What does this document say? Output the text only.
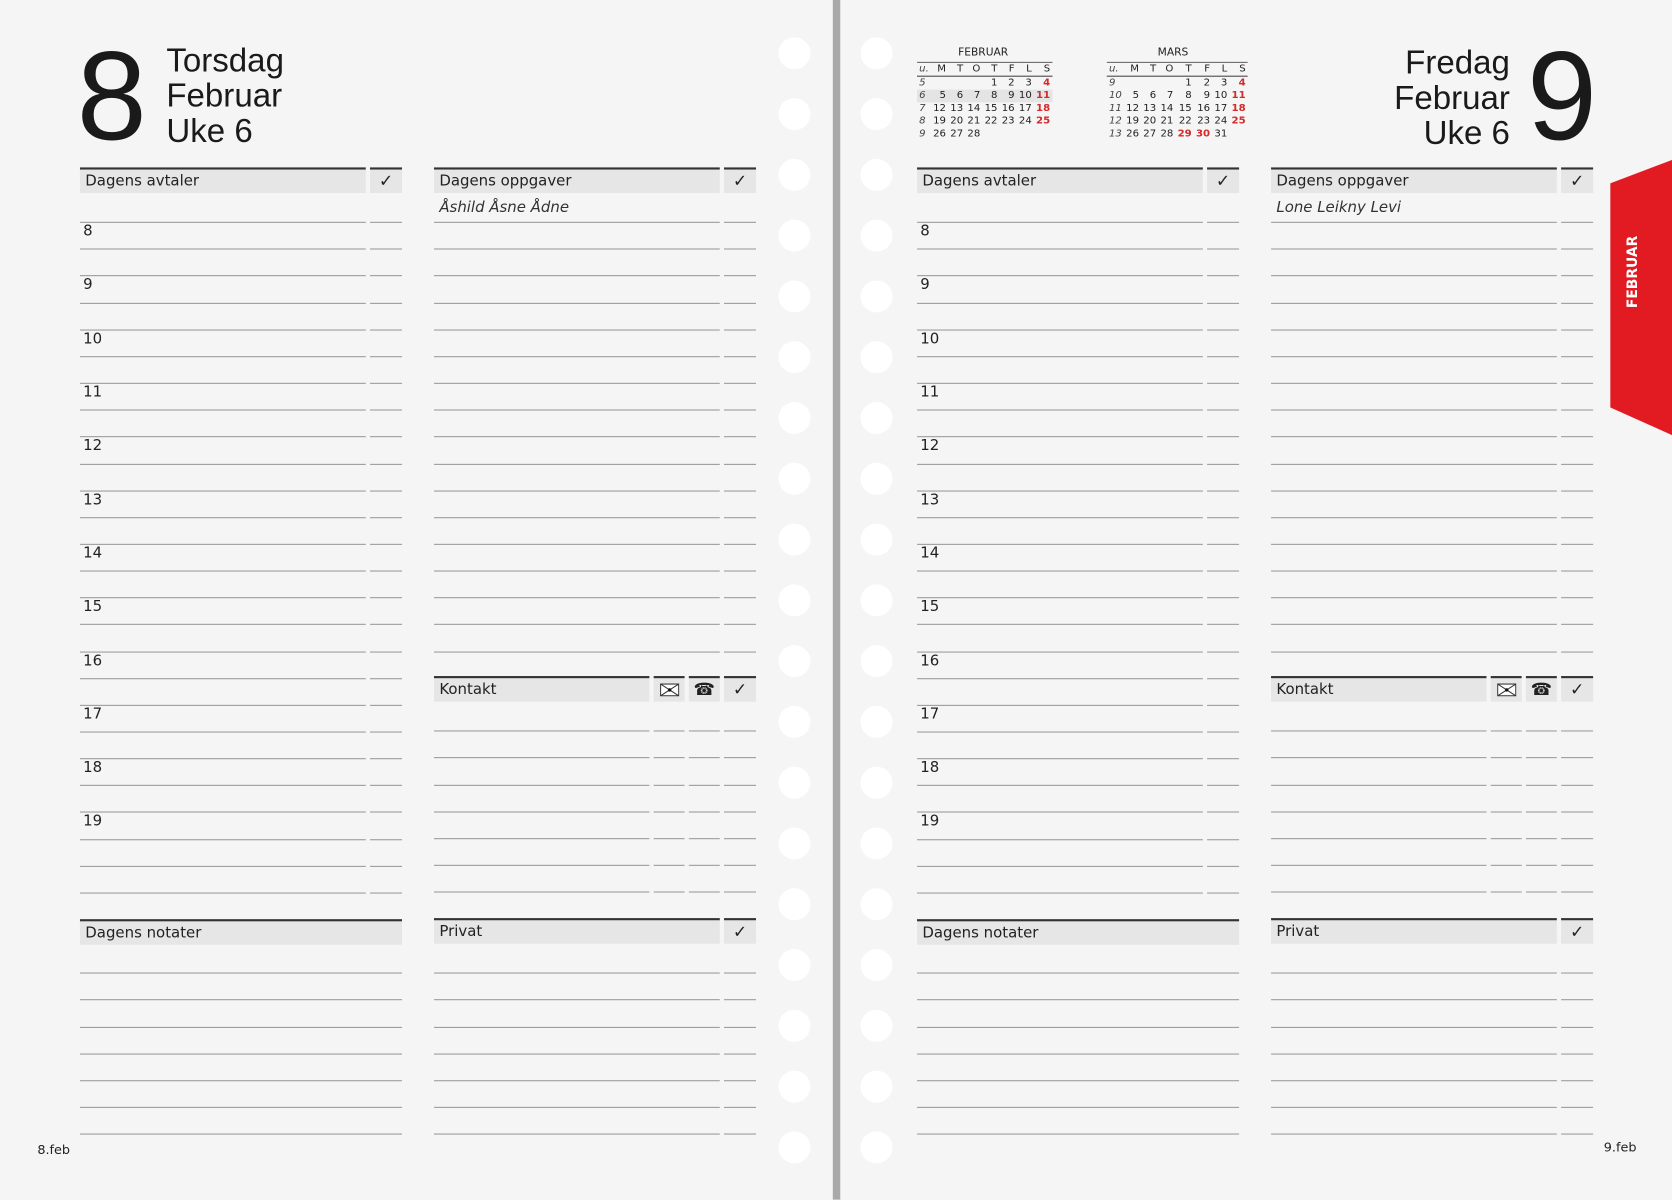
FEBRUAR
8 Torsdag
Februar
Uke 6
8.feb
Dagens avtaler	✓
8
9
10
11
12
13
14
15
16
17
18
19
Dagens oppgaver	✓
Åshild Åsne Ådne
Kontakt	☎	✓
Dagens notater	Privat	✓
9
Fredag
Februar
Uke 6
9.feb
Dagens avtaler	✓
8
9
10
11
12
13
14
15
16
17
18
19
Dagens oppgaver	✓
Lone Leikny Levi
Kontakt	☎	✓
Dagens notater	Privat	✓
FEBRUAR
u.	M	T	O	T	F	L	S
5				1	2	3	4
6	5	6	7	8	9	10	11
7	12	13	14	15	16	17	18
8	19	20	21	22	23	24	25
9	26	27	28				
MARS
u.	M	T	O	T	F	L	S
9				1	2	3	4
10	5	6	7	8	9	10	11
11	12	13	14	15	16	17	18
12	19	20	21	22	23	24	25
13	26	27	28	29	30	31	
